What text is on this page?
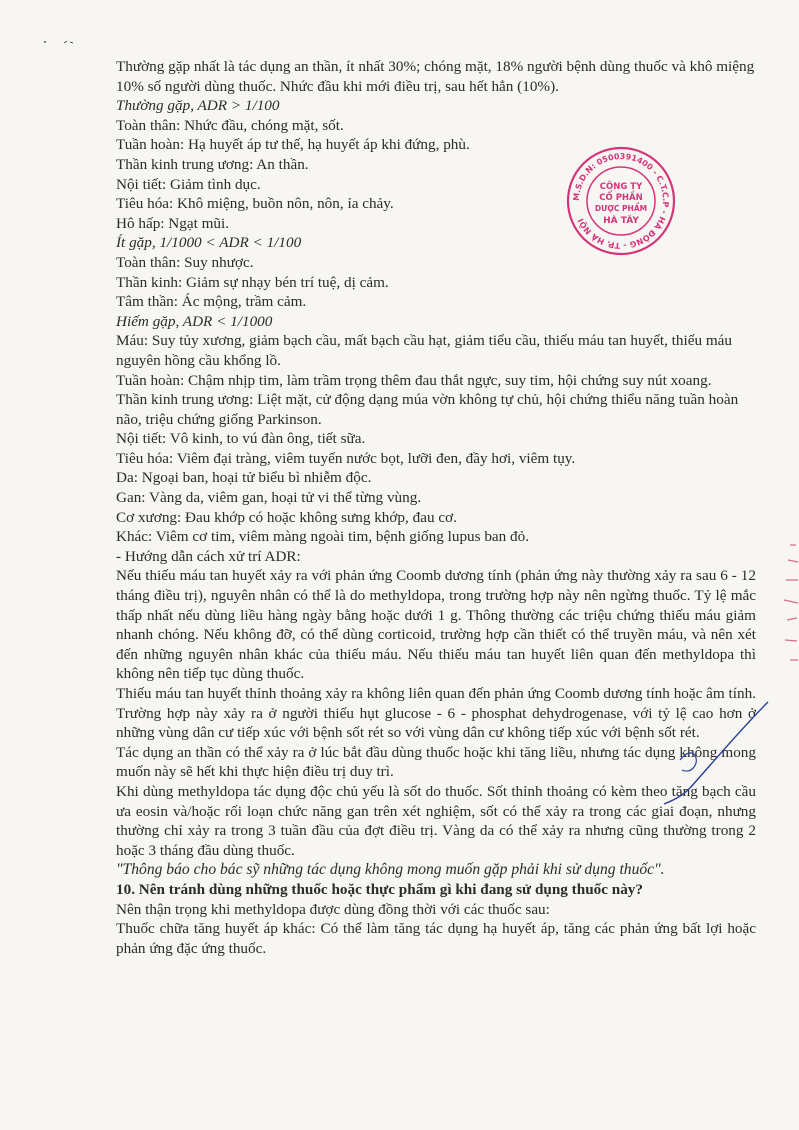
Thường gặp nhất là tác dụng an thần, ít nhất 30%; chóng mặt, 18% người bệnh dùng thuốc và khô miệng 10% số người dùng thuốc. Nhức đầu khi mới điều trị, sau hết hẳn (10%).

Thường gặp, ADR > 1/100

Toàn thân: Nhức đầu, chóng mặt, sốt.

Tuần hoàn: Hạ huyết áp tư thế, hạ huyết áp khi đứng, phù.

Thần kinh trung ương: An thần.

Nội tiết: Giảm tình dục.

Tiêu hóa: Khô miệng, buồn nôn, nôn, ỉa chảy.

Hô hấp: Ngạt mũi.

Ít gặp, 1/1000 < ADR < 1/100

Toàn thân: Suy nhược.

Thần kinh: Giảm sự nhạy bén trí tuệ, dị cảm.

Tâm thần: Ác mộng, trầm cảm.

Hiếm gặp, ADR < 1/1000

Máu: Suy tủy xương, giảm bạch cầu, mất bạch cầu hạt, giảm tiểu cầu, thiếu máu tan huyết, thiếu máu nguyên hồng cầu khổng lồ.

Tuần hoàn: Chậm nhịp tim, làm trầm trọng thêm đau thắt ngực, suy tim, hội chứng suy nút xoang.

Thần kinh trung ương: Liệt mặt, cử động dạng múa vờn không tự chủ, hội chứng thiểu năng tuần hoàn não, triệu chứng giống Parkinson.

Nội tiết: Vô kinh, to vú đàn ông, tiết sữa.

Tiêu hóa: Viêm đại tràng, viêm tuyến nước bọt, lưỡi đen, đầy hơi, viêm tụy.

Da: Ngoại ban, hoại tử biểu bì nhiễm độc.

Gan: Vàng da, viêm gan, hoại tử vi thể từng vùng.

Cơ xương: Đau khớp có hoặc không sưng khớp, đau cơ.

Khác: Viêm cơ tim, viêm màng ngoài tim, bệnh giống lupus ban đỏ.

- Hướng dẫn cách xử trí ADR:

Nếu thiếu máu tan huyết xảy ra với phản ứng Coomb dương tính (phản ứng này thường xảy ra sau 6 - 12 tháng điều trị), nguyên nhân có thể là do methyldopa, trong trường hợp này nên ngừng thuốc. Tỷ lệ mắc thấp nhất nếu dùng liều hàng ngày bằng hoặc dưới 1 g. Thông thường các triệu chứng thiếu máu giảm nhanh chóng. Nếu không đỡ, có thể dùng corticoid, trường hợp cần thiết có thể truyền máu, và nên xét đến những nguyên nhân khác của thiếu máu. Nếu thiếu máu tan huyết liên quan đến methyldopa thì không nên tiếp tục dùng thuốc.

Thiếu máu tan huyết thỉnh thoảng xảy ra không liên quan đến phản ứng Coomb dương tính hoặc âm tính. Trường hợp này xảy ra ở người thiếu hụt glucose - 6 - phosphat dehydrogenase, với tỷ lệ cao hơn ở những vùng dân cư tiếp xúc với bệnh sốt rét so với vùng dân cư không tiếp xúc với bệnh sốt rét.

Tác dụng an thần có thể xảy ra ở lúc bắt đầu dùng thuốc hoặc khi tăng liều, nhưng tác dụng không mong muốn này sẽ hết khi thực hiện điều trị duy trì.

Khi dùng methyldopa tác dụng độc chủ yếu là sốt do thuốc. Sốt thỉnh thoảng có kèm theo tăng bạch cầu ưa eosin và/hoặc rối loạn chức năng gan trên xét nghiệm, sốt có thể xảy ra trong các giai đoạn, nhưng thường chỉ xảy ra trong 3 tuần đầu của đợt điều trị. Vàng da có thể xảy ra nhưng cũng thường trong 2 hoặc 3 tháng đầu dùng thuốc.

"Thông báo cho bác sỹ những tác dụng không mong muốn gặp phải khi sử dụng thuốc".

10. Nên tránh dùng những thuốc hoặc thực phẩm gì khi đang sử dụng thuốc này?

Nên thận trọng khi methyldopa được dùng đồng thời với các thuốc sau:

Thuốc chữa tăng huyết áp khác: Có thể làm tăng tác dụng hạ huyết áp, tăng các phản ứng bất lợi hoặc phản ứng đặc ứng thuốc.

M.S.D.N: 0500391400 - C.T.C.P - HÀ ĐÔNG - TP. HÀ NỘI
CÔNG TY
CỔ PHẦN
DƯỢC PHẨM
HÀ TÂY
